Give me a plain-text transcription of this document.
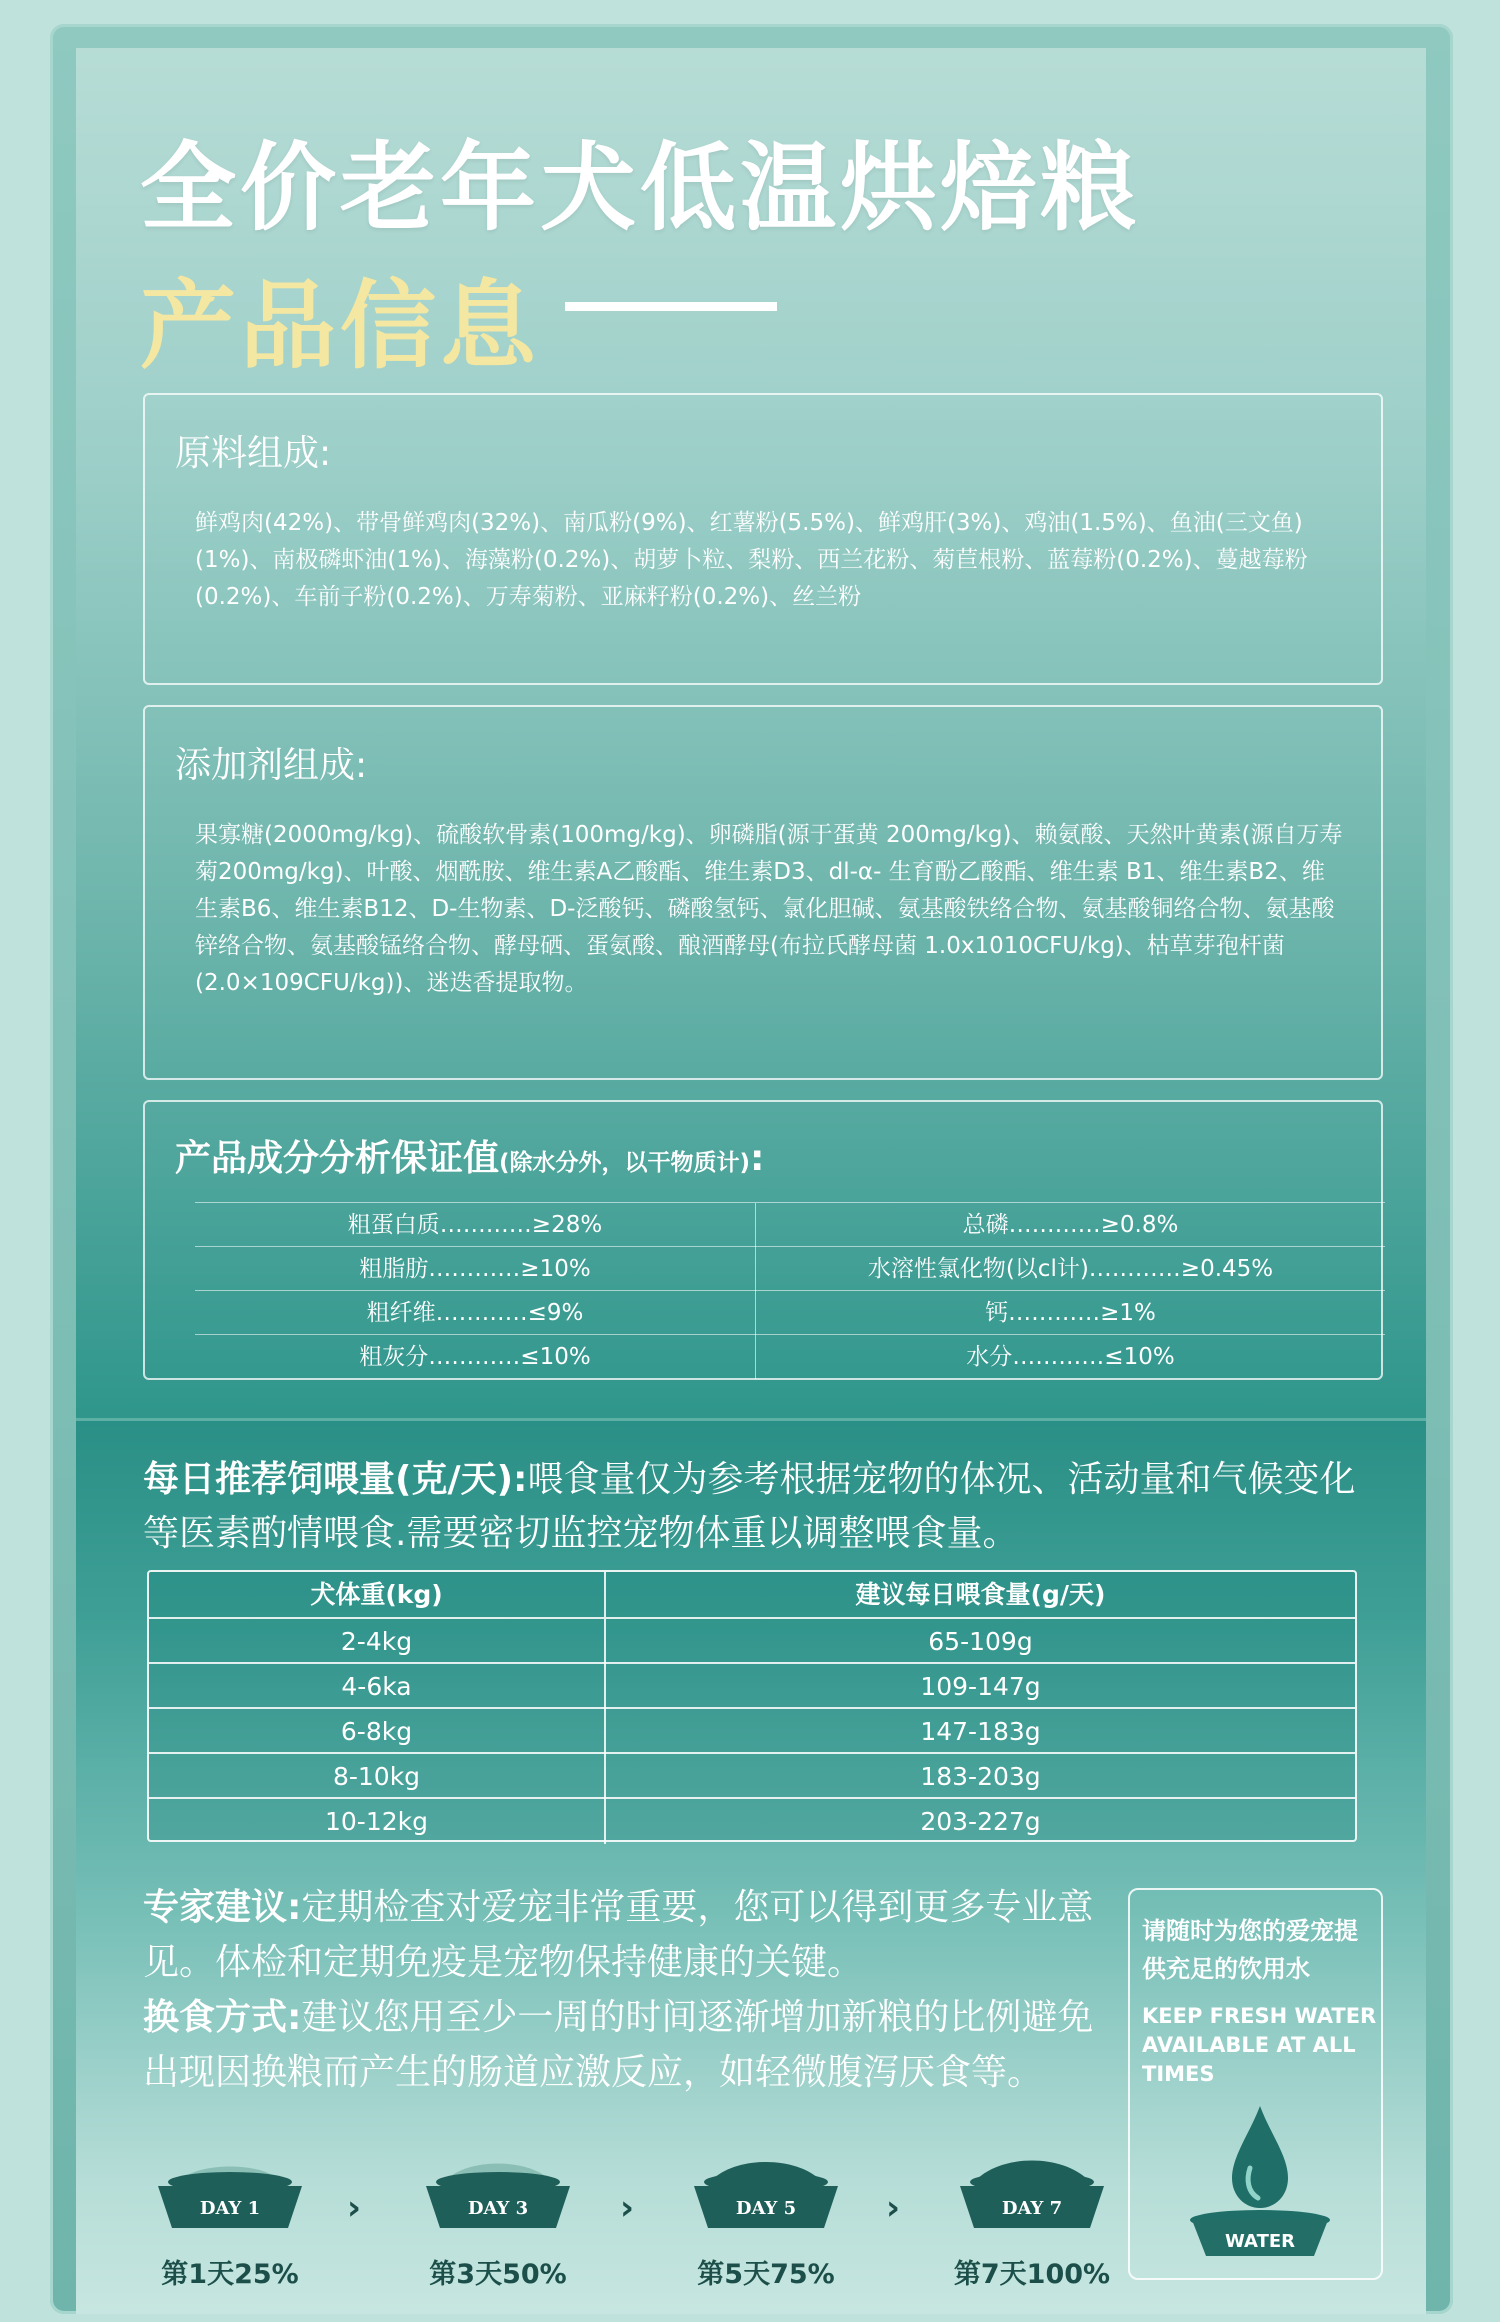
全价老年犬低温烘焙粮
产品信息
原料组成:
鲜鸡肉(42%)、带骨鲜鸡肉(32%)、南瓜粉(9%)、红薯粉(5.5%)、鲜鸡肝(3%)、鸡油(1.5%)、鱼油(三文鱼)(1%)、南极磷虾油(1%)、海藻粉(0.2%)、胡萝卜粒、梨粉、西兰花粉、菊苣根粉、蓝莓粉(0.2%)、蔓越莓粉(0.2%)、车前子粉(0.2%)、万寿菊粉、亚麻籽粉(0.2%)、丝兰粉
添加剂组成:
果寡糖(2000mg/kg)、硫酸软骨素(100mg/kg)、卵磷脂(源于蛋黄 200mg/kg)、赖氨酸、天然叶黄素(源自万寿菊200mg/kg)、叶酸、烟酰胺、维生素A乙酸酯、维生素D3、dl-α- 生育酚乙酸酯、维生素 B1、维生素B2、维生素B6、维生素B12、D-生物素、D-泛酸钙、磷酸氢钙、氯化胆碱、氨基酸铁络合物、氨基酸铜络合物、氨基酸锌络合物、氨基酸锰络合物、酵母硒、蛋氨酸、酿酒酵母(布拉氏酵母菌 1.0x1010CFU/kg)、枯草芽孢杆菌(2.0×109CFU/kg))、迷迭香提取物。
产品成分分析保证值(除水分外，以干物质计):
粗蛋白质…………≥28%	总磷…………≥0.8%
粗脂肪…………≥10%	水溶性氯化物(以cl计)…………≥0.45%
粗纤维…………≤9%	钙…………≥1%
粗灰分…………≤10%	水分…………≤10%
每日推荐饲喂量(克/天):喂食量仅为参考根据宠物的体况、活动量和气候变化等医素酌情喂食.需要密切监控宠物体重以调整喂食量。
犬体重(kg)	建议每日喂食量(g/天)
2-4kg	65-109g
4-6ka	109-147g
6-8kg	147-183g
8-10kg	183-203g
10-12kg	203-227g
专家建议:定期检查对爱宠非常重要，您可以得到更多专业意见。体检和定期免疫是宠物保持健康的关键。
换食方式:建议您用至少一周的时间逐渐增加新粮的比例避免出现因换粮而产生的肠道应激反应，如轻微腹泻厌食等。
请随时为您的爱宠提供充足的饮用水
KEEP FRESH WATER AVAILABLE AT ALL TIMES
WATER
DAY 1	DAY 3	DAY 5	DAY 7
›	›	›
第1天25%	第3天50%	第5天75%	第7天100%
